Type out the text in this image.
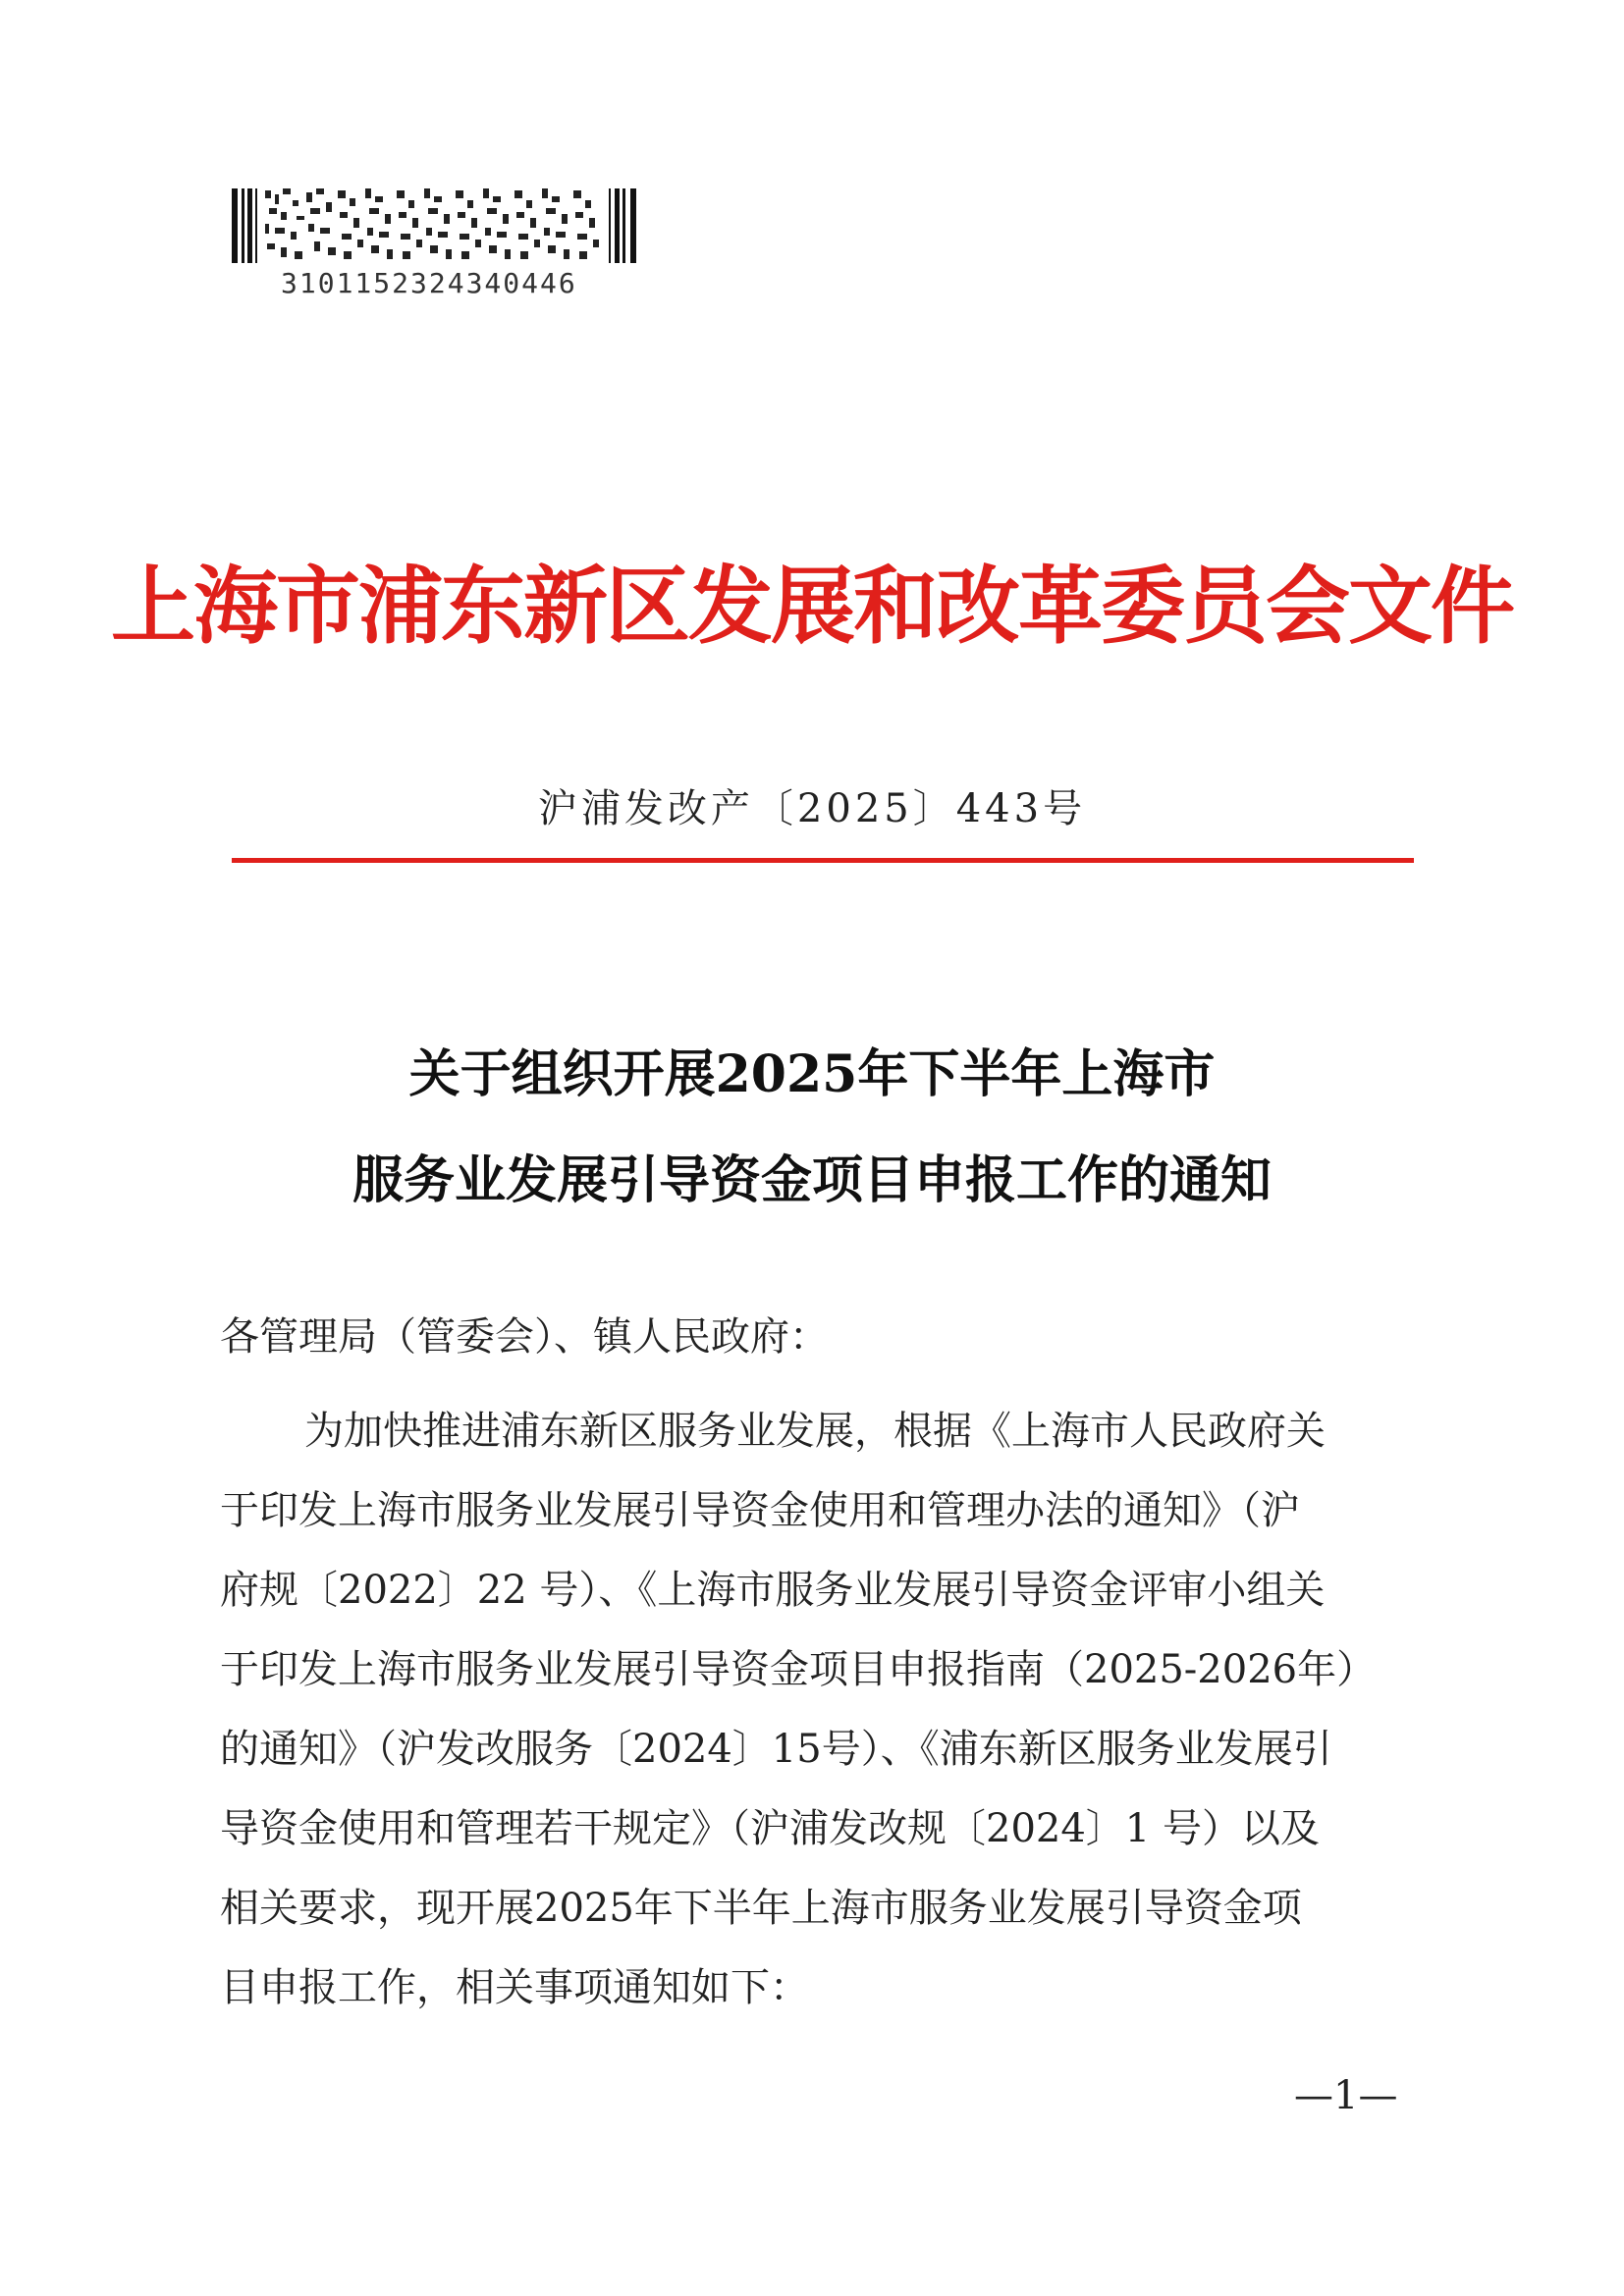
3101152324340446
上海市浦东新区发展和改革委员会文件
沪浦发改产〔2025〕443号
关于组织开展2025年下半年上海市
服务业发展引导资金项目申报工作的通知
各管理局（管委会）、镇人民政府：
为加快推进浦东新区服务业发展，根据《上海市人民政府关
于印发上海市服务业发展引导资金使用和管理办法的通知》（沪
府规〔2022〕22 号）、《上海市服务业发展引导资金评审小组关
于印发上海市服务业发展引导资金项目申报指南（2025-2026年）
的通知》（沪发改服务〔2024〕15号）、《浦东新区服务业发展引
导资金使用和管理若干规定》（沪浦发改规〔2024〕1 号）以及
相关要求，现开展2025年下半年上海市服务业发展引导资金项
目申报工作，相关事项通知如下：
—1—
